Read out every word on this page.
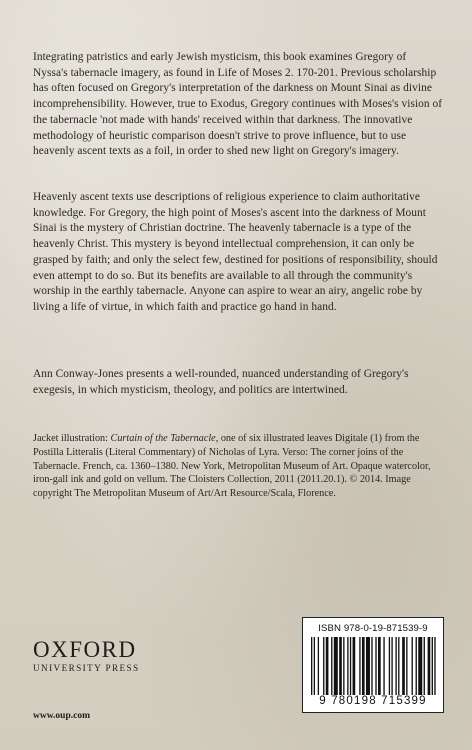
Integrating patristics and early Jewish mysticism, this book examines Gregory of Nyssa's tabernacle imagery, as found in Life of Moses 2. 170-201. Previous scholarship has often focused on Gregory's interpretation of the darkness on Mount Sinai as divine incomprehensibility. However, true to Exodus, Gregory continues with Moses's vision of the tabernacle 'not made with hands' received within that darkness. The innovative methodology of heuristic comparison doesn't strive to prove influence, but to use heavenly ascent texts as a foil, in order to shed new light on Gregory's imagery.

Heavenly ascent texts use descriptions of religious experience to claim authoritative knowledge. For Gregory, the high point of Moses's ascent into the darkness of Mount Sinai is the mystery of Christian doctrine. The heavenly tabernacle is a type of the heavenly Christ. This mystery is beyond intellectual comprehension, it can only be grasped by faith; and only the select few, destined for positions of responsibility, should even attempt to do so. But its benefits are available to all through the community's worship in the earthly tabernacle. Anyone can aspire to wear an airy, angelic robe by living a life of virtue, in which faith and practice go hand in hand.

Ann Conway-Jones presents a well-rounded, nuanced understanding of Gregory's exegesis, in which mysticism, theology, and politics are intertwined.

Jacket illustration: Curtain of the Tabernacle, one of six illustrated leaves Digitale (1) from the Postilla Litteralis (Literal Commentary) of Nicholas of Lyra. Verso: The corner joins of the Tabernacle. French, ca. 1360–1380. New York, Metropolitan Museum of Art. Opaque watercolor, iron-gall ink and gold on vellum. The Cloisters Collection, 2011 (2011.20.1). © 2014. Image copyright The Metropolitan Museum of Art/Art Resource/Scala, Florence.

OXFORD
UNIVERSITY PRESS
www.oup.com
ISBN 978-0-19-871539-9
9 780198 715399
